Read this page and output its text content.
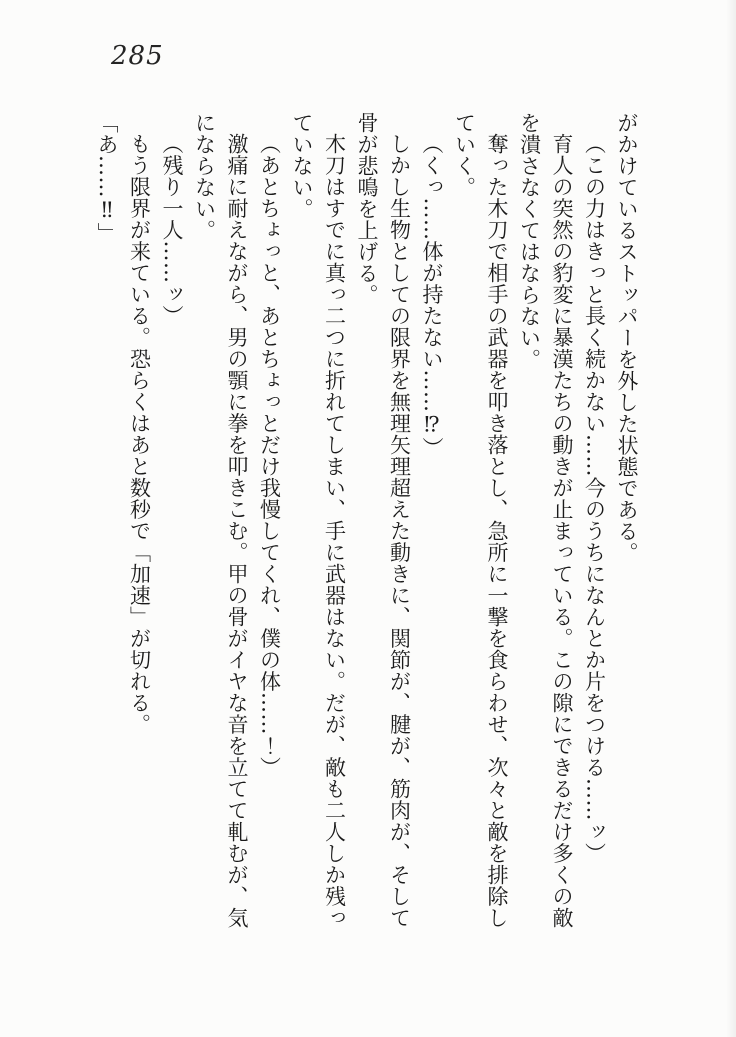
285

がかけているストッパーを外した状態である。

（この力はきっと長く続かない……今のうちになんとか片をつける……ッ）

育人の突然の豹変に暴漢たちの動きが止まっている。この隙にできるだけ多くの敵

を潰さなくてはならない。

奪った木刀で相手の武器を叩き落とし、急所に一撃を食らわせ、次々と敵を排除し

ていく。

（くっ……体が持たない……⁉）

しかし生物としての限界を無理矢理超えた動きに、関節が、腱が、筋肉が、そして

骨が悲鳴を上げる。

木刀はすでに真っ二つに折れてしまい、手に武器はない。だが、敵も二人しか残っ

ていない。

（あとちょっと、あとちょっとだけ我慢してくれ、僕の体……！）

激痛に耐えながら、男の顎に拳を叩きこむ。甲の骨がイヤな音を立てて軋むが、気

にならない。

（残り一人……ッ）

もう限界が来ている。恐らくはあと数秒で「加速」が切れる。

「あ……‼」
